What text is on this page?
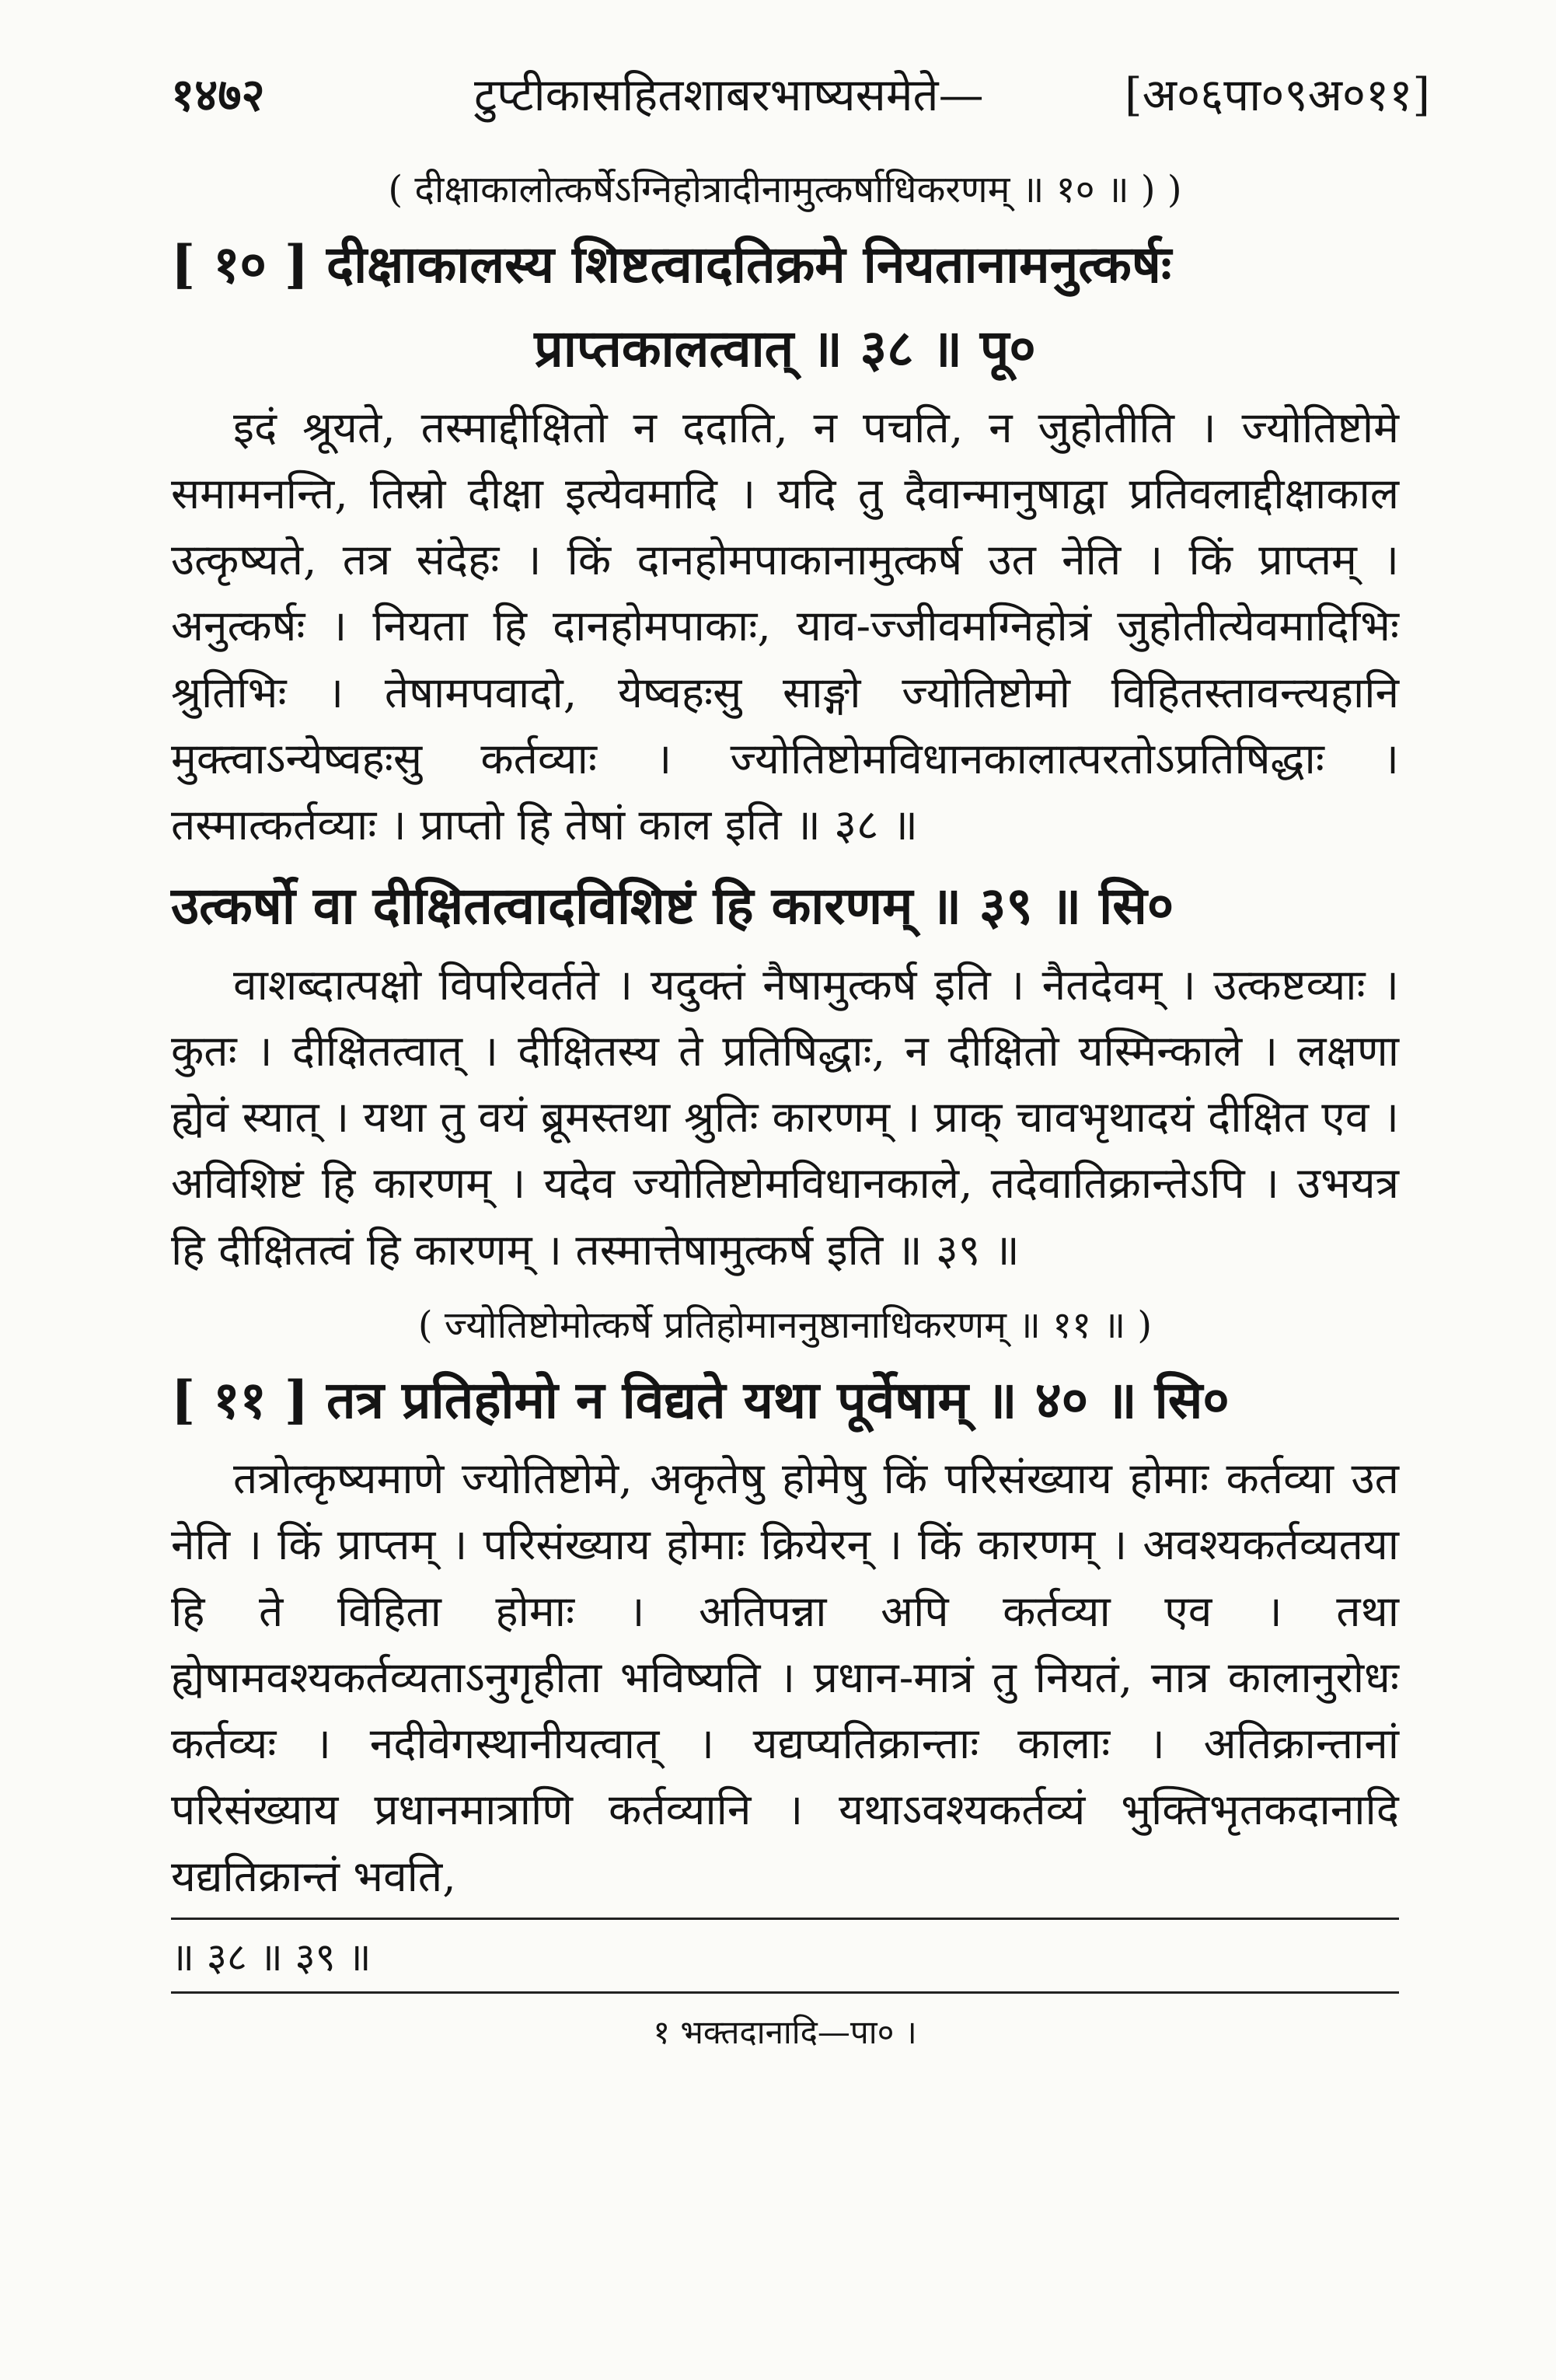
१४७२	टुप्टीकासहितशाबरभाष्यसमेते—	[अ०६पा०९अ०११]
( दीक्षाकालोत्कर्षेऽग्निहोत्रादीनामुत्कर्षाधिकरणम् ॥ १० ॥ ) )
[ १० ] दीक्षाकालस्य शिष्टत्वादतिक्रमे नियतानामनुत्कर्षः
प्राप्तकालत्वात् ॥ ३८ ॥ पू०

इदं श्रूयते, तस्माद्दीक्षितो न ददाति, न पचति, न जुहोतीति । ज्योतिष्टोमे समामनन्ति, तिस्रो दीक्षा इत्येवमादि । यदि तु दैवान्मानुषाद्वा प्रतिवलाद्दीक्षाकाल उत्कृष्यते, तत्र संदेहः । किं दानहोमपाकानामुत्कर्ष उत नेति । किं प्राप्तम् । अनुत्कर्षः । नियता हि दानहोमपाकाः, याव-ज्जीवमग्निहोत्रं जुहोतीत्येवमादिभिः श्रुतिभिः । तेषामपवादो, येष्वहःसु साङ्गो ज्योतिष्टोमो विहितस्तावन्त्यहानि मुक्त्वाऽन्येष्वहःसु कर्तव्याः । ज्योतिष्टोमविधानकालात्परतोऽप्रतिषिद्धाः । तस्मात्कर्तव्याः । प्राप्तो हि तेषां काल इति ॥ ३८ ॥

उत्कर्षो वा दीक्षितत्वादविशिष्टं हि कारणम् ॥ ३९ ॥ सि०

वाशब्दात्पक्षो विपरिवर्तते । यदुक्तं नैषामुत्कर्ष इति । नैतदेवम् । उत्कष्टव्याः । कुतः । दीक्षितत्वात् । दीक्षितस्य ते प्रतिषिद्धाः, न दीक्षितो यस्मिन्काले । लक्षणा ह्येवं स्यात् । यथा तु वयं ब्रूमस्तथा श्रुतिः कारणम् । प्राक् चावभृथादयं दीक्षित एव । अविशिष्टं हि कारणम् । यदेव ज्योतिष्टोमविधानकाले, तदेवातिक्रान्तेऽपि । उभयत्र हि दीक्षितत्वं हि कारणम् । तस्मात्तेषामुत्कर्ष इति ॥ ३९ ॥

( ज्योतिष्टोमोत्कर्षे प्रतिहोमाननुष्ठानाधिकरणम् ॥ ११ ॥ )
[ ११ ] तत्र प्रतिहोमो न विद्यते यथा पूर्वेषाम् ॥ ४० ॥ सि०

तत्रोत्कृष्यमाणे ज्योतिष्टोमे, अकृतेषु होमेषु किं परिसंख्याय होमाः कर्तव्या उत नेति । किं प्राप्तम् । परिसंख्याय होमाः क्रियेरन् । किं कारणम् । अवश्यकर्तव्यतया हि ते विहिता होमाः । अतिपन्ना अपि कर्तव्या एव । तथा ह्येषामवश्यकर्तव्यताऽनुगृहीता भविष्यति । प्रधान-मात्रं तु नियतं, नात्र कालानुरोधः कर्तव्यः । नदीवेगस्थानीयत्वात् । यद्यप्यतिक्रान्ताः कालाः । अतिक्रान्तानां परिसंख्याय प्रधानमात्राणि कर्तव्यानि । यथाऽवश्यकर्तव्यं भुक्तिभृतकदानादि यद्यतिक्रान्तं भवति,

॥ ३८ ॥ ३९ ॥
१ भक्तदानादि—पा० ।
